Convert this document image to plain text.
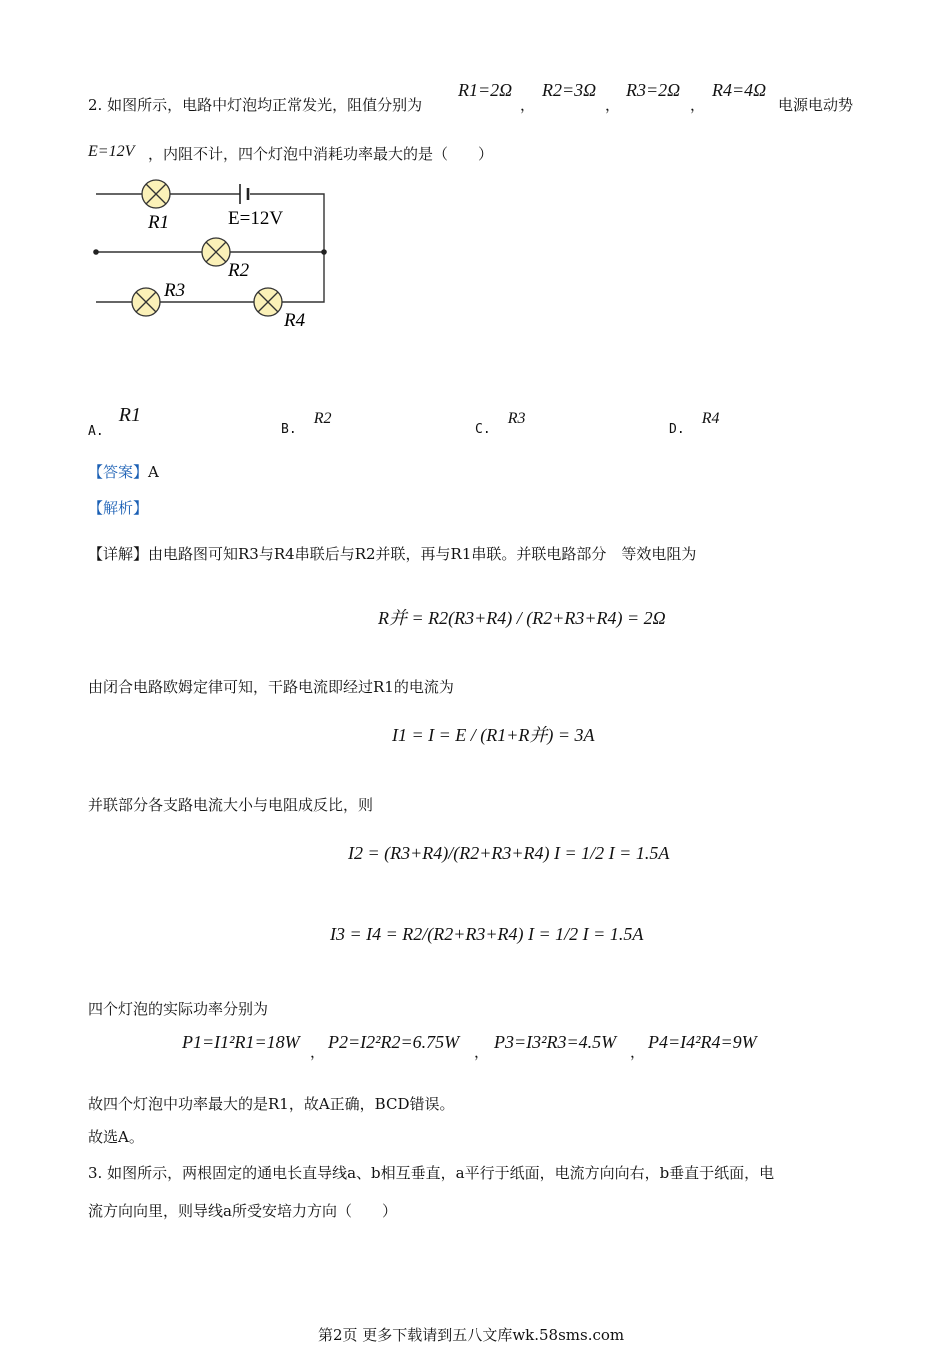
2. 如图所示，电路中灯泡均正常发光，阻值分别为
R1=2Ω R2=3Ω R3=2Ω R4=4Ω
，	，	，	电源电动势
E=12V ，内阻不计，四个灯泡中消耗功率最大的是（　　）
R1	E=12V
R2
R3
R4
$_{A.}$ R1
$_{B.}$ R2
$_{C.}$ R3
$_{D.}$ R4
【答案】A
【解析】
【详解】由电路图可知R3与R4串联后与R2并联，再与R1串联。并联电路部分　等效电阻为
R并 = R2(R3+R4) / (R2+R3+R4) = 2Ω
由闭合电路欧姆定律可知，干路电流即经过R1的电流为
I1 = I = E / (R1+R并) = 3A
并联部分各支路电流大小与电阻成反比，则
I2 = (R3+R4)/(R2+R3+R4) I = 1/2 I = 1.5A
I3 = I4 = R2/(R2+R3+R4) I = 1/2 I = 1.5A
四个灯泡的实际功率分别为
P1=I1²R1=18W ， P2=I2²R2=6.75W ， P3=I3²R3=4.5W ， P4=I4²R4=9W
故四个灯泡中功率最大的是R1，故A正确，BCD错误。
故选A。
3. 如图所示，两根固定的通电长直导线a、b相互垂直，a平行于纸面，电流方向向右，b垂直于纸面，电
流方向向里，则导线a所受安培力方向（　　）
第2页 更多下载请到五八文库wk.58sms.com
